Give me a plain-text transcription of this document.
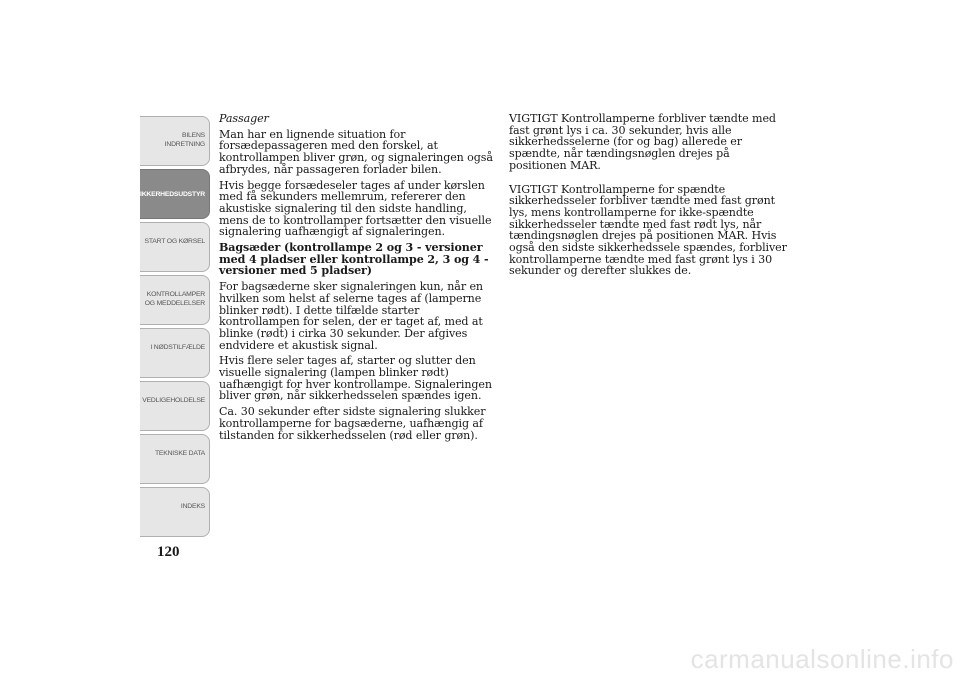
BILENS
INDRETNING
SIKKERHEDSUDSTYR
START OG KØRSEL
KONTROLLAMPER
OG MEDDELELSER
I NØDSTILFÆLDE
VEDLIGEHOLDELSE
TEKNISKE DATA
INDEKS
120

Passager

Man har en lignende situation for forsædepassageren med den forskel, at kontrollampen bliver grøn, og signaleringen også afbrydes, når passageren forlader bilen.

Hvis begge forsædeseler tages af under kørslen med få sekunders mellemrum, refererer den akustiske signalering til den sidste handling, mens de to kontrollamper fortsætter den visuelle signalering uafhængigt af signaleringen.

Bagsæder (kontrollampe 2 og 3 - versioner med 4 pladser eller kontrollampe 2, 3 og 4 - versioner med 5 pladser)

For bagsæderne sker signaleringen kun, når en hvilken som helst af selerne tages af (lamperne blinker rødt). I dette tilfælde starter kontrollampen for selen, der er taget af, med at blinke (rødt) i cirka 30 sekunder. Der afgives endvidere et akustisk signal.

Hvis flere seler tages af, starter og slutter den visuelle signalering (lampen blinker rødt) uafhængigt for hver kontrollampe. Signaleringen bliver grøn, når sikkerhedsselen spændes igen.

Ca. 30 sekunder efter sidste signalering slukker kontrollamperne for bagsæderne, uafhængig af tilstanden for sikkerhedsselen (rød eller grøn).

VIGTIGT Kontrollamperne forbliver tændte med fast grønt lys i ca. 30 sekunder, hvis alle sikkerhedsselerne (for og bag) allerede er spændte, når tændingsnøglen drejes på positionen MAR.

VIGTIGT Kontrollamperne for spændte sikkerhedsseler forbliver tændte med fast grønt lys, mens kontrollamperne for ikke-spændte sikkerhedsseler tændte med fast rødt lys, når tændingsnøglen drejes på positionen MAR. Hvis også den sidste sikkerhedssele spændes, forbliver kontrollamperne tændte med fast grønt lys i 30 sekunder og derefter slukkes de.

carmanualsonline.info
